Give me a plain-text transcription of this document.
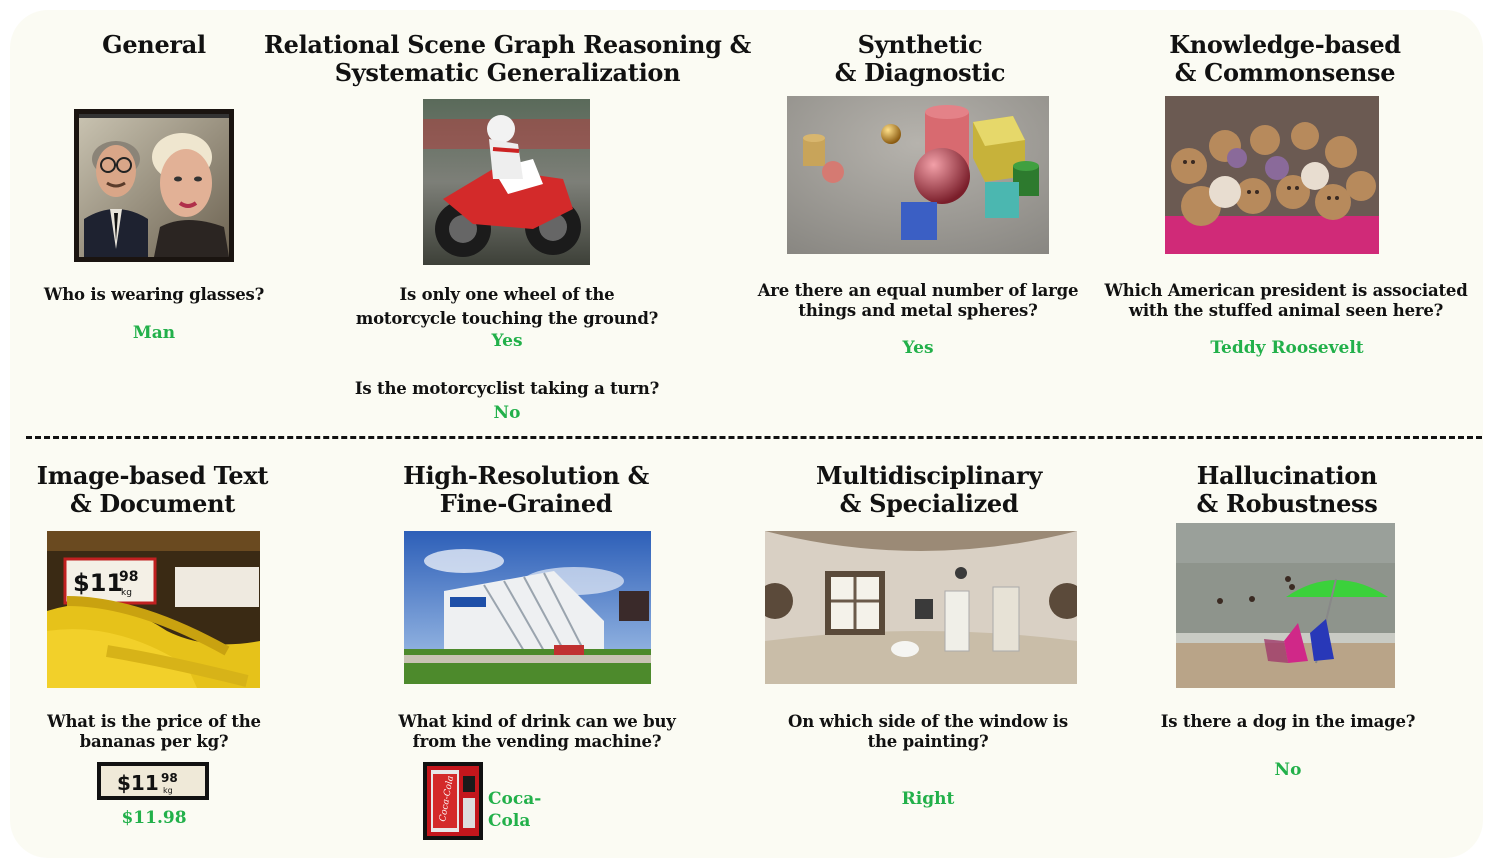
General
Who is wearing glasses?
Man
Relational Scene Graph Reasoning &
Systematic Generalization
Is only one wheel of the
motorcycle touching the ground?
Yes
Is the motorcyclist taking a turn?
No
Synthetic
& Diagnostic
Are there an equal number of large
things and metal spheres?
Yes
Knowledge-based
& Commonsense
Which American president is associated
with the stuffed animal seen here?
Teddy Roosevelt
Image-based Text
& Document
$11
98
kg
What is the price of the
bananas per kg?
$11 98
kg
$11.98
High-Resolution &
Fine-Grained
What kind of drink can we buy
from the vending machine?
Coca-Cola Coca-Cola
Multidisciplinary
& Specialized
On which side of the window is
the painting?
Right
Hallucination
& Robustness
Is there a dog in the image?
No
